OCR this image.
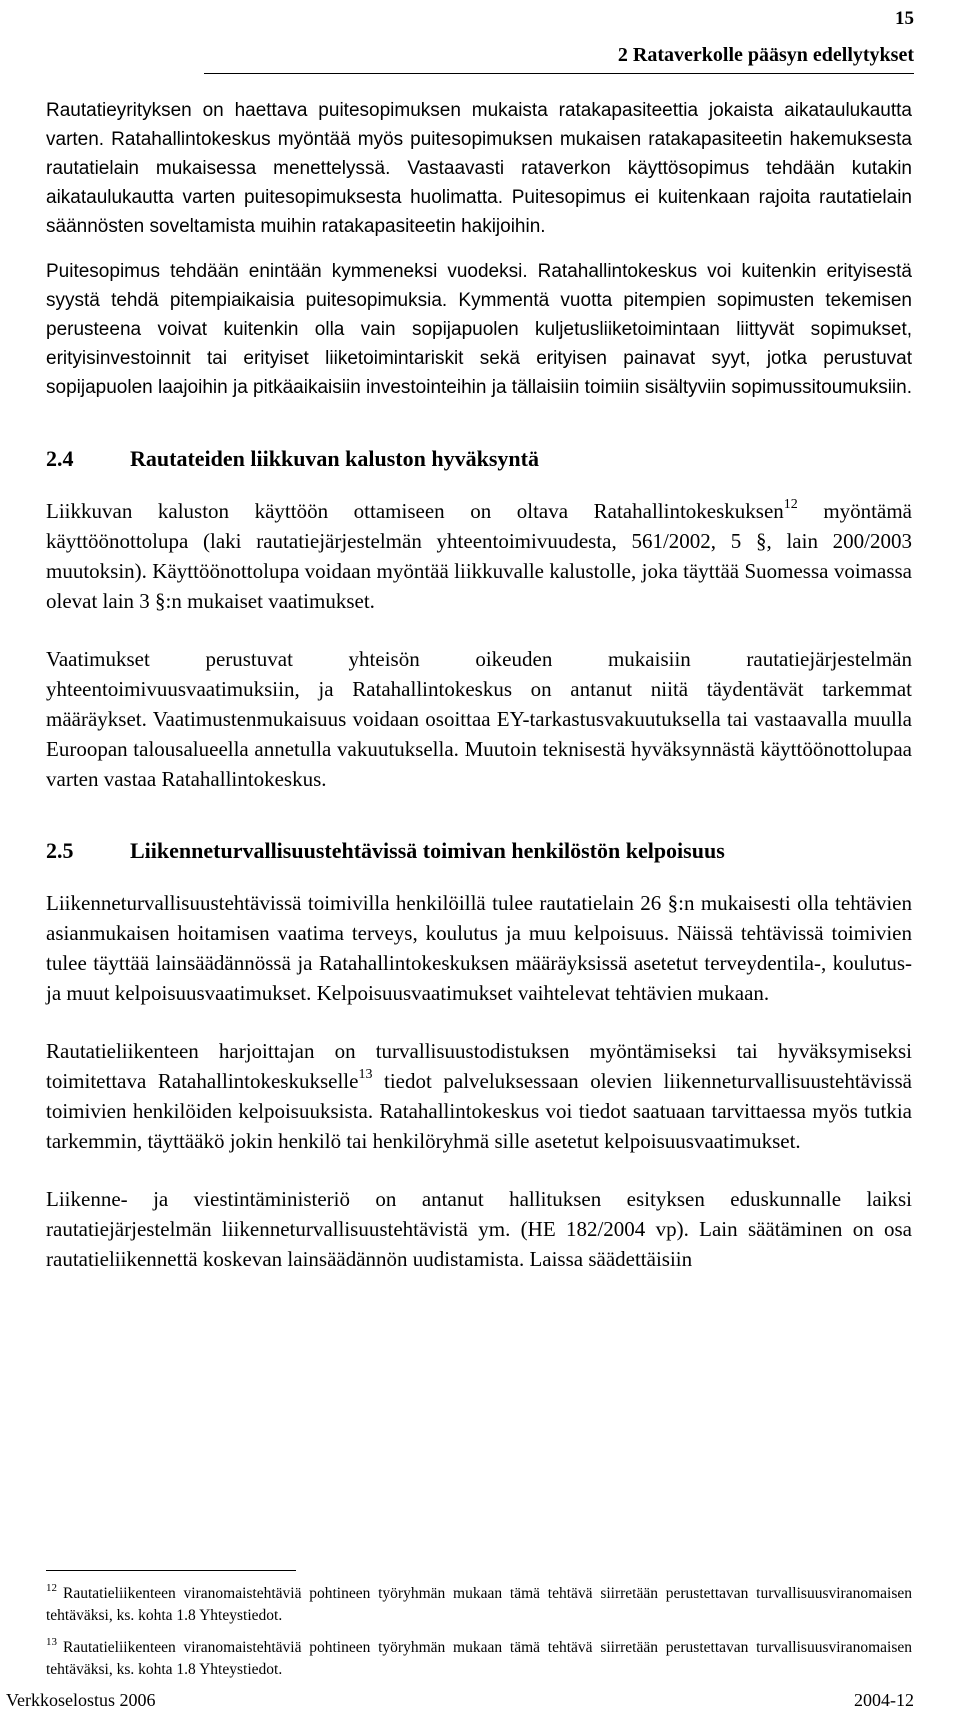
15
2 Rataverkolle pääsyn edellytykset

Rautatieyrityksen on haettava puitesopimuksen mukaista ratakapasiteettia jokaista aikataulukautta varten. Ratahallintokeskus myöntää myös puitesopimuksen mukaisen ratakapasiteetin hakemuksesta rautatielain mukaisessa menettelyssä. Vastaavasti rataverkon käyttösopimus tehdään kutakin aikataulukautta varten puitesopimuksesta huolimatta. Puitesopimus ei kuitenkaan rajoita rautatielain säännösten soveltamista muihin ratakapasiteetin hakijoihin.

Puitesopimus tehdään enintään kymmeneksi vuodeksi. Ratahallintokeskus voi kuitenkin erityisestä syystä tehdä pitempiaikaisia puitesopimuksia. Kymmentä vuotta pitempien sopimusten tekemisen perusteena voivat kuitenkin olla vain sopijapuolen kuljetusliiketoimintaan liittyvät sopimukset, erityisinvestoinnit tai erityiset liiketoimintariskit sekä erityisen painavat syyt, jotka perustuvat sopijapuolen laajoihin ja pitkäaikaisiin investointeihin ja tällaisiin toimiin sisältyviin sopimussitoumuksiin.

2.4	Rautateiden liikkuvan kaluston hyväksyntä

Liikkuvan kaluston käyttöön ottamiseen on oltava Ratahallintokeskuksen$^{12}$ myöntämä käyttöönottolupa (laki rautatiejärjestelmän yhteentoimivuudesta, 561/2002, 5 §, lain 200/2003 muutoksin). Käyttöönottolupa voidaan myöntää liikkuvalle kalustolle, joka täyttää Suomessa voimassa olevat lain 3 §:n mukaiset vaatimukset.

Vaatimukset perustuvat yhteisön oikeuden mukaisiin rautatiejärjestelmän yhteentoimivuusvaatimuksiin, ja Ratahallintokeskus on antanut niitä täydentävät tarkemmat määräykset. Vaatimustenmukaisuus voidaan osoittaa EY-tarkastusvakuutuksella tai vastaavalla muulla Euroopan talousalueella annetulla vakuutuksella. Muutoin teknisestä hyväksynnästä käyttöönottolupaa varten vastaa Ratahallintokeskus.

2.5	Liikenneturvallisuustehtävissä toimivan henkilöstön kelpoisuus

Liikenneturvallisuustehtävissä toimivilla henkilöillä tulee rautatielain 26 §:n mukaisesti olla tehtävien asianmukaisen hoitamisen vaatima terveys, koulutus ja muu kelpoisuus. Näissä tehtävissä toimivien tulee täyttää lainsäädännössä ja Ratahallintokeskuksen määräyksissä asetetut terveydentila-, koulutus- ja muut kelpoisuusvaatimukset. Kelpoisuusvaatimukset vaihtelevat tehtävien mukaan.

Rautatieliikenteen harjoittajan on turvallisuustodistuksen myöntämiseksi tai hyväksymiseksi toimitettava Ratahallintokeskukselle$^{13}$ tiedot palveluksessaan olevien liikenneturvallisuustehtävissä toimivien henkilöiden kelpoisuuksista. Ratahallintokeskus voi tiedot saatuaan tarvittaessa myös tutkia tarkemmin, täyttääkö jokin henkilö tai henkilöryhmä sille asetetut kelpoisuusvaatimukset.

Liikenne- ja viestintäministeriö on antanut hallituksen esityksen eduskunnalle laiksi rautatiejärjestelmän liikenneturvallisuustehtävistä ym. (HE 182/2004 vp). Lain säätäminen on osa rautatieliikennettä koskevan lainsäädännön uudistamista. Laissa säädettäisiin

$^{12}$ Rautatieliikenteen viranomaistehtäviä pohtineen työryhmän mukaan tämä tehtävä siirretään perustettavan turvallisuusviranomaisen tehtäväksi, ks. kohta 1.8 Yhteystiedot.
$^{13}$ Rautatieliikenteen viranomaistehtäviä pohtineen työryhmän mukaan tämä tehtävä siirretään perustettavan turvallisuusviranomaisen tehtäväksi, ks. kohta 1.8 Yhteystiedot.
Verkkoselostus 2006	2004-12
